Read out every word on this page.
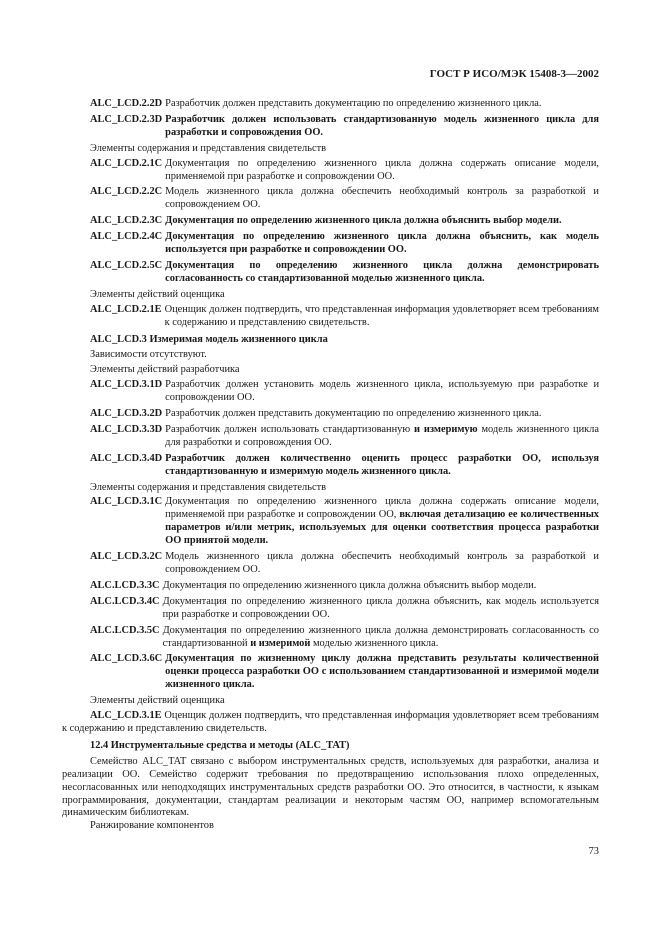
ГОСТ Р ИСО/МЭК 15408-3—2002
ALC_LCD.2.2D Разработчик должен представить документацию по определению жизненного цикла.
ALC_LCD.2.3D Разработчик должен использовать стандартизованную модель жизненного цикла для разработки и сопровождения ОО.
Элементы содержания и представления свидетельств
ALC_LCD.2.1C Документация по определению жизненного цикла должна содержать описание модели, применяемой при разработке и сопровождении ОО.
ALC_LCD.2.2C Модель жизненного цикла должна обеспечить необходимый контроль за разработкой и сопровождением ОО.
ALC_LCD.2.3C Документация по определению жизненного цикла должна объяснить выбор модели.
ALC_LCD.2.4C Документация по определению жизненного цикла должна объяснить, как модель используется при разработке и сопровождении ОО.
ALC_LCD.2.5C Документация по определению жизненного цикла должна демонстрировать согласованность со стандартизованной моделью жизненного цикла.
Элементы действий оценщика
ALC_LCD.2.1E Оценщик должен подтвердить, что представленная информация удовлетворяет всем требованиям к содержанию и представлению свидетельств.
ALC_LCD.3 Измеримая модель жизненного цикла
Зависимости отсутствуют.
Элементы действий разработчика
ALC_LCD.3.1D Разработчик должен установить модель жизненного цикла, используемую при разработке и сопровождении ОО.
ALC_LCD.3.2D Разработчик должен представить документацию по определению жизненного цикла.
ALC_LCD.3.3D Разработчик должен использовать стандартизованную и измеримую модель жизненного цикла для разработки и сопровождения ОО.
ALC_LCD.3.4D Разработчик должен количественно оценить процесс разработки ОО, используя стандартизованную и измеримую модель жизненного цикла.
Элементы содержания и представления свидетельств
ALC_LCD.3.1C Документация по определению жизненного цикла должна содержать описание модели, применяемой при разработке и сопровождении ОО, включая детализацию ее количественных параметров и/или метрик, используемых для оценки соответствия процесса разработки ОО принятой модели.
ALC_LCD.3.2C Модель жизненного цикла должна обеспечить необходимый контроль за разработкой и сопровождением ОО.
ALC.LCD.3.3C Документация по определению жизненного цикла должна объяснить выбор модели.
ALC.LCD.3.4C Документация по определению жизненного цикла должна объяснить, как модель используется при разработке и сопровождении ОО.
ALC.LCD.3.5C Документация по определению жизненного цикла должна демонстрировать согласованность со стандартизованной и измеримой моделью жизненного цикла.
ALC_LCD.3.6C Документация по жизненному циклу должна представить результаты количественной оценки процесса разработки ОО с использованием стандартизованной и измеримой модели жизненного цикла.
Элементы действий оценщика
ALC_LCD.3.1E Оценщик должен подтвердить, что представленная информация удовлетворяет всем требованиям к содержанию и представлению свидетельств.
12.4 Инструментальные средства и методы (ALC_TAT)
Семейство ALC_TAT связано с выбором инструментальных средств, используемых для разработки, анализа и реализации ОО. Семейство содержит требования по предотвращению использования плохо определенных, несогласованных или неподходящих инструментальных средств разработки ОО. Это относится, в частности, к языкам программирования, документации, стандартам реализации и некоторым частям ОО, например вспомогательным динамическим библиотекам.
Ранжирование компонентов
73
